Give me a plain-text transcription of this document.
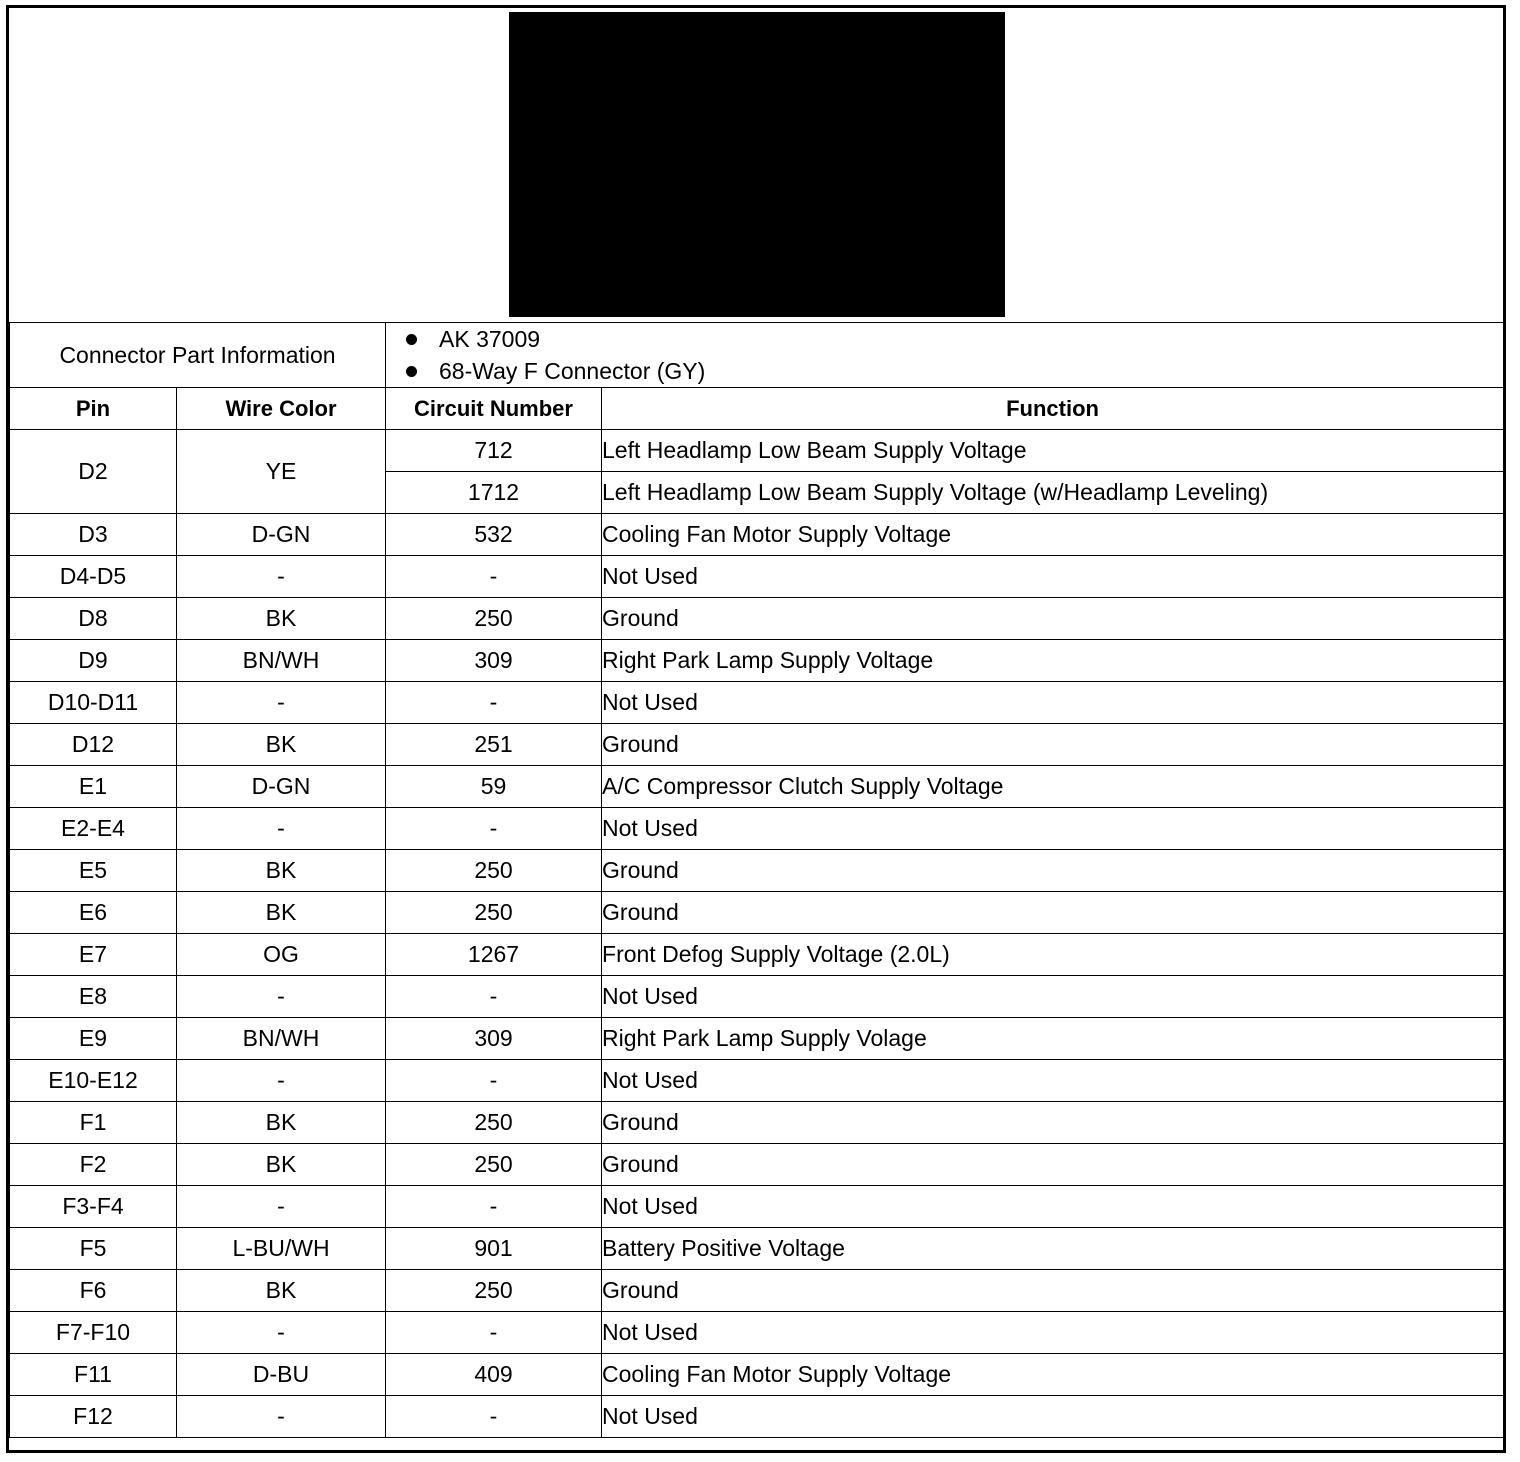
Connector Part Information		AK 37009
68-Way F Connector (GY)	

Pin	Wire Color	Circuit Number	Function
D2	YE	712	Left Headlamp Low Beam Supply Voltage
		1712	Left Headlamp Low Beam Supply Voltage (w/Headlamp Leveling)
D3	D-GN	532	Cooling Fan Motor Supply Voltage
D4-D5	-	-	Not Used
D8	BK	250	Ground
D9	BN/WH	309	Right Park Lamp Supply Voltage
D10-D11	-	-	Not Used
D12	BK	251	Ground
E1	D-GN	59	A/C Compressor Clutch Supply Voltage
E2-E4	-	-	Not Used
E5	BK	250	Ground
E6	BK	250	Ground
E7	OG	1267	Front Defog Supply Voltage (2.0L)
E8	-	-	Not Used
E9	BN/WH	309	Right Park Lamp Supply Volage
E10-E12	-	-	Not Used
F1	BK	250	Ground
F2	BK	250	Ground
F3-F4	-	-	Not Used
F5	L-BU/WH	901	Battery Positive Voltage
F6	BK	250	Ground
F7-F10	-	-	Not Used
F11	D-BU	409	Cooling Fan Motor Supply Voltage
F12	-	-	Not Used
